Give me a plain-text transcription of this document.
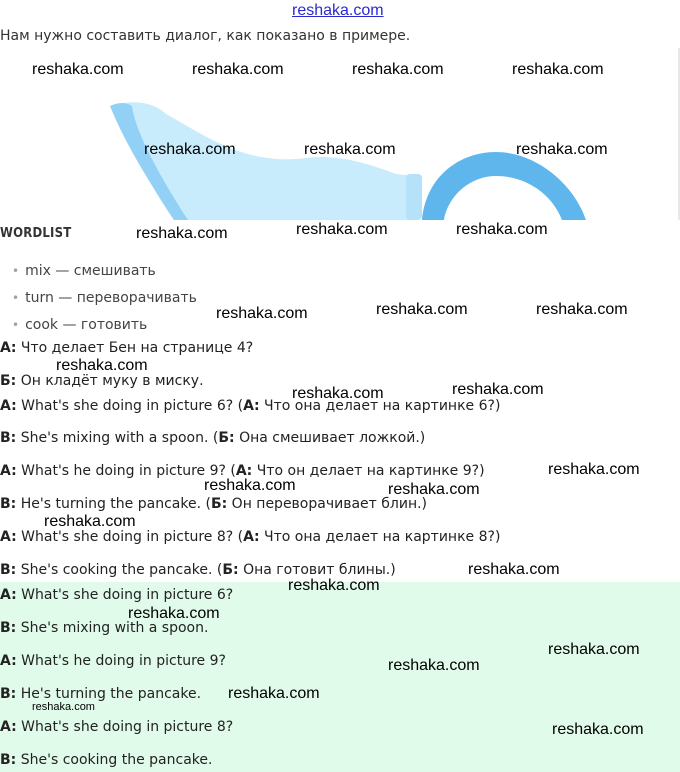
reshaka.com
Нам нужно составить диалог, как показано в примере.
WORDLIST
• mix — смешивать
• turn — переворачивать
• cook — готовить
А: Что делает Бен на странице 4?
Б: Он кладёт муку в миску.
A: What's she doing in picture 6? (А: Что она делает на картинке 6?)
B: She's mixing with a spoon. (Б: Она смешивает ложкой.)
A: What's he doing in picture 9? (А: Что он делает на картинке 9?)
B: He's turning the pancake. (Б: Он переворачивает блин.)
A: What's she doing in picture 8? (А: Что она делает на картинке 8?)
B: She's cooking the pancake. (Б: Она готовит блины.)
A: What's she doing in picture 6?
B: She's mixing with a spoon.
A: What's he doing in picture 9?
B: He's turning the pancake.
A: What's she doing in picture 8?
B: She's cooking the pancake.
reshaka.com	reshaka.com	reshaka.com	reshaka.com
reshaka.com	reshaka.com	reshaka.com
reshaka.com	reshaka.com	reshaka.com
reshaka.com	reshaka.com	reshaka.com
reshaka.com
reshaka.com	reshaka.com
reshaka.com
reshaka.com	reshaka.com
reshaka.com
reshaka.com
reshaka.com
reshaka.com
reshaka.com
reshaka.com
reshaka.com
reshaka.com
reshaka.com
